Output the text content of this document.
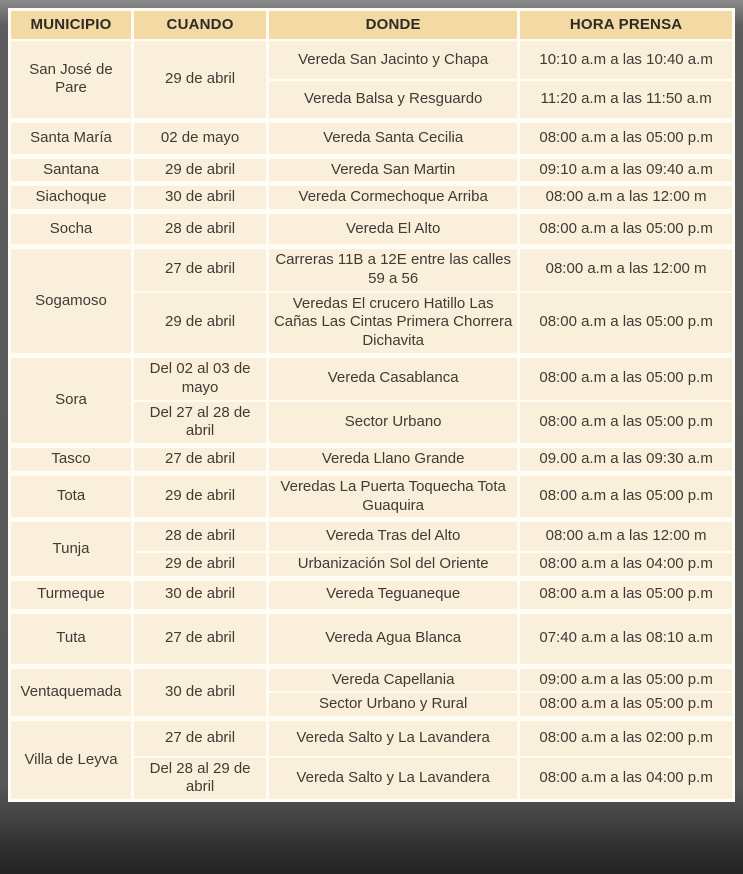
MUNICIPIO	CUANDO	DONDE	HORA PRENSA
San José de Pare	29 de abril	Vereda San Jacinto y Chapa	10:10 a.m a las 10:40 a.m
		Vereda Balsa y Resguardo	11:20 a.m a las 11:50 a.m
Santa María	02 de mayo	Vereda Santa Cecilia	08:00 a.m a las 05:00 p.m
Santana	29 de abril	Vereda San Martin	09:10 a.m a las 09:40 a.m
Siachoque	30 de abril	Vereda Cormechoque Arriba	08:00 a.m a las 12:00 m
Socha	28 de abril	Vereda El Alto	08:00 a.m a las 05:00 p.m
Sogamoso	27 de abril	Carreras 11B a 12E entre las calles 59 a 56	08:00 a.m a las 12:00 m
	29 de abril	Veredas El crucero Hatillo Las Cañas Las Cintas Primera Chorrera Dichavita	08:00 a.m a las 05:00 p.m
Sora	Del 02 al 03 de mayo	Vereda Casablanca	08:00 a.m a las 05:00 p.m
	Del 27 al 28 de abril	Sector Urbano	08:00 a.m a las 05:00 p.m
Tasco	27 de abril	Vereda Llano Grande	09.00 a.m a las 09:30 a.m
Tota	29 de abril	Veredas La Puerta Toquecha Tota Guaquira	08:00 a.m a las 05:00 p.m
Tunja	28 de abril	Vereda Tras del Alto	08:00 a.m a las 12:00 m
	29 de abril	Urbanización Sol del Oriente	08:00 a.m a las 04:00 p.m
Turmeque	30 de abril	Vereda Teguaneque	08:00 a.m a las 05:00 p.m
Tuta	27 de abril	Vereda Agua Blanca	07:40 a.m a las 08:10 a.m
Ventaquemada	30 de abril	Vereda Capellania	09:00 a.m a las 05:00 p.m
		Sector Urbano y Rural	08:00 a.m a las 05:00 p.m
Villa de Leyva	27 de abril	Vereda Salto y La Lavandera	08:00 a.m a las 02:00 p.m
	Del 28 al 29 de abril	Vereda Salto y La Lavandera	08:00 a.m a las 04:00 p.m
